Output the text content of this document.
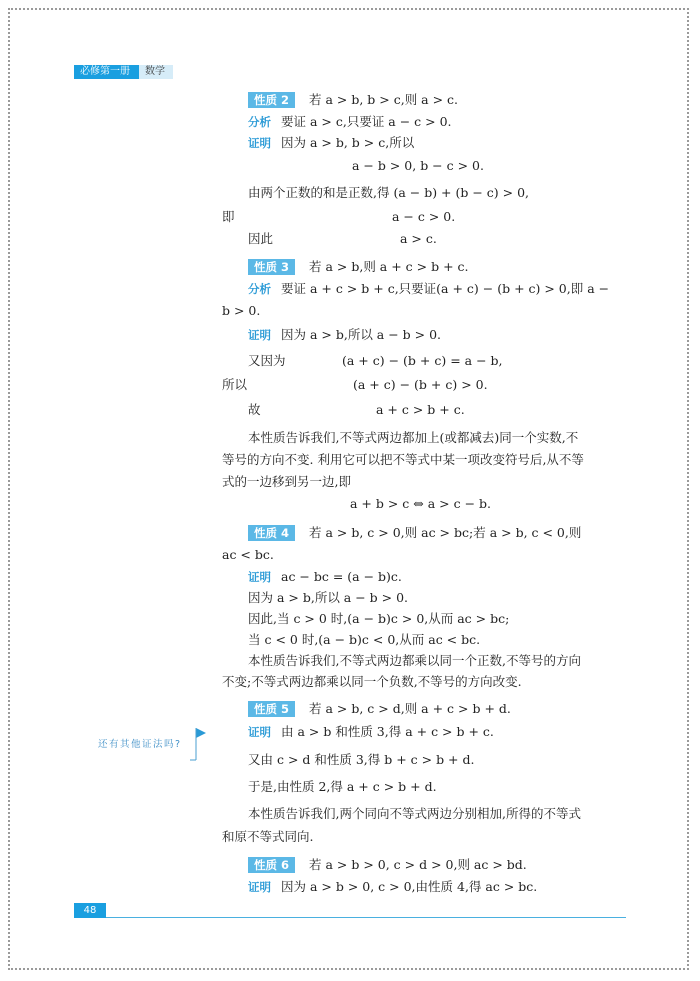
必修第一册	数学
性质 2 若 a > b, b > c,则 a > c.
分析 要证 a > c,只要证 a − c > 0.
证明 因为 a > b, b > c,所以
a − b > 0, b − c > 0.
由两个正数的和是正数,得 (a − b) + (b − c) > 0,
即	a − c > 0.
因此	a > c.
性质 3 若 a > b,则 a + c > b + c.
分析 要证 a + c > b + c,只要证(a + c) − (b + c) > 0,即 a −
b > 0.
证明 因为 a > b,所以 a − b > 0.
又因为	(a + c) − (b + c) = a − b,
所以	(a + c) − (b + c) > 0.
故	a + c > b + c.
本性质告诉我们,不等式两边都加上(或都减去)同一个实数,不
等号的方向不变. 利用它可以把不等式中某一项改变符号后,从不等
式的一边移到另一边,即
a + b > c ⇔ a > c − b.
性质 4 若 a > b, c > 0,则 ac > bc;若 a > b, c < 0,则
ac < bc.
证明 ac − bc = (a − b)c.
因为 a > b,所以 a − b > 0.
因此,当 c > 0 时,(a − b)c > 0,从而 ac > bc;
当 c < 0 时,(a − b)c < 0,从而 ac < bc.
本性质告诉我们,不等式两边都乘以同一个正数,不等号的方向
不变;不等式两边都乘以同一个负数,不等号的方向改变.
性质 5 若 a > b, c > d,则 a + c > b + d.
证明 由 a > b 和性质 3,得 a + c > b + c.
又由 c > d 和性质 3,得 b + c > b + d.
于是,由性质 2,得 a + c > b + d.
本性质告诉我们,两个同向不等式两边分别相加,所得的不等式
和原不等式同向.
性质 6 若 a > b > 0, c > d > 0,则 ac > bd.
证明 因为 a > b > 0, c > 0,由性质 4,得 ac > bc.
还有其他证法吗?
48
